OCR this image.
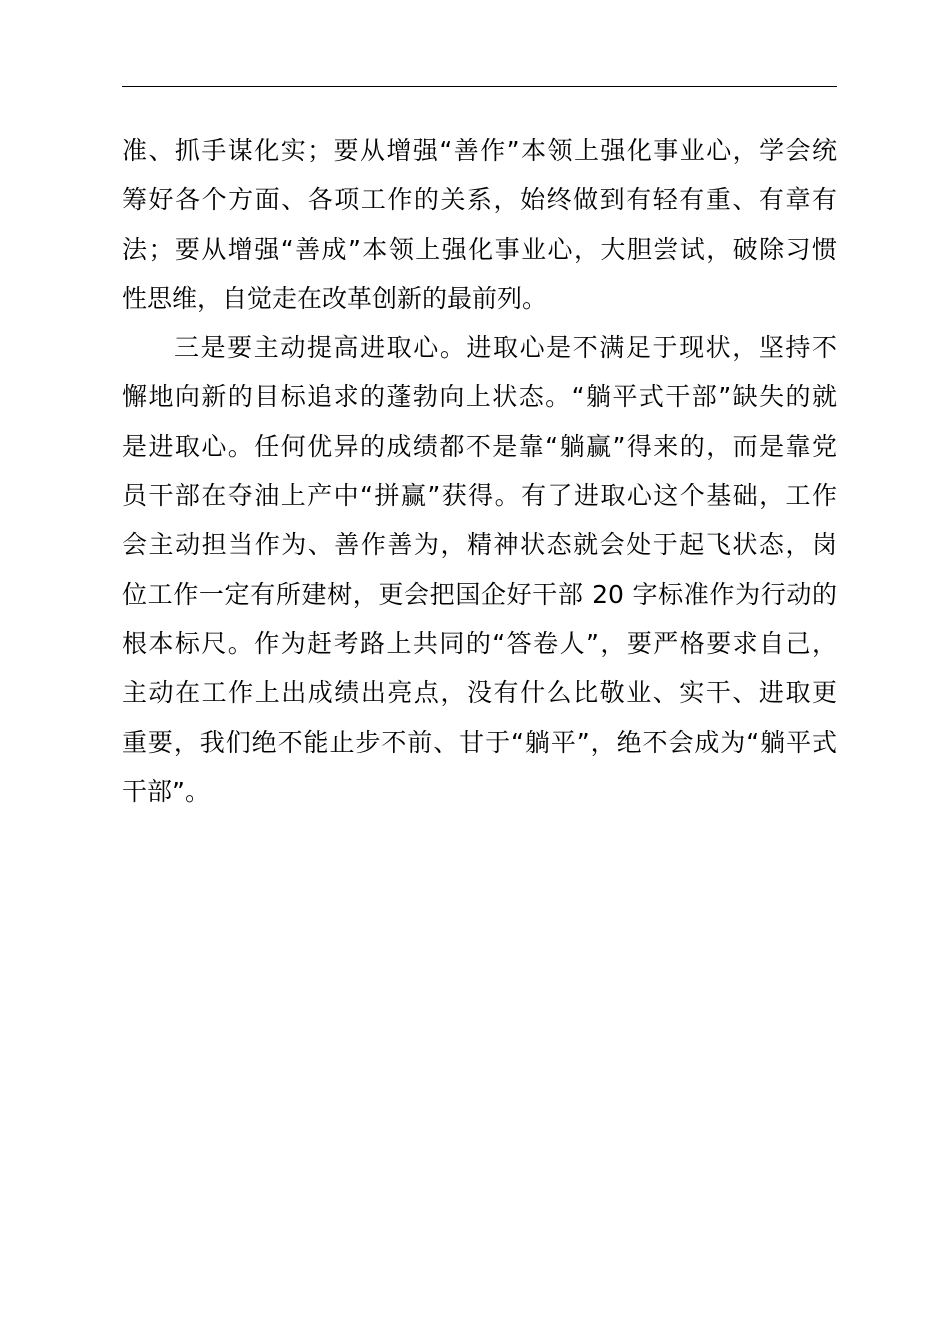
准、抓手谋化实；要从增强“善作”本领上强化事业心，学会统
筹好各个方面、各项工作的关系，始终做到有轻有重、有章有
法；要从增强“善成”本领上强化事业心，大胆尝试，破除习惯
性思维，自觉走在改革创新的最前列。
三是要主动提高进取心。进取心是不满足于现状，坚持不
懈地向新的目标追求的蓬勃向上状态。“躺平式干部”缺失的就
是进取心。任何优异的成绩都不是靠“躺赢”得来的，而是靠党
员干部在夺油上产中“拼赢”获得。有了进取心这个基础，工作
会主动担当作为、善作善为，精神状态就会处于起飞状态，岗
位工作一定有所建树，更会把国企好干部 20 字标准作为行动的
根本标尺。作为赶考路上共同的“答卷人”，要严格要求自己，
主动在工作上出成绩出亮点，没有什么比敬业、实干、进取更
重要，我们绝不能止步不前、甘于“躺平”，绝不会成为“躺平式
干部”。
